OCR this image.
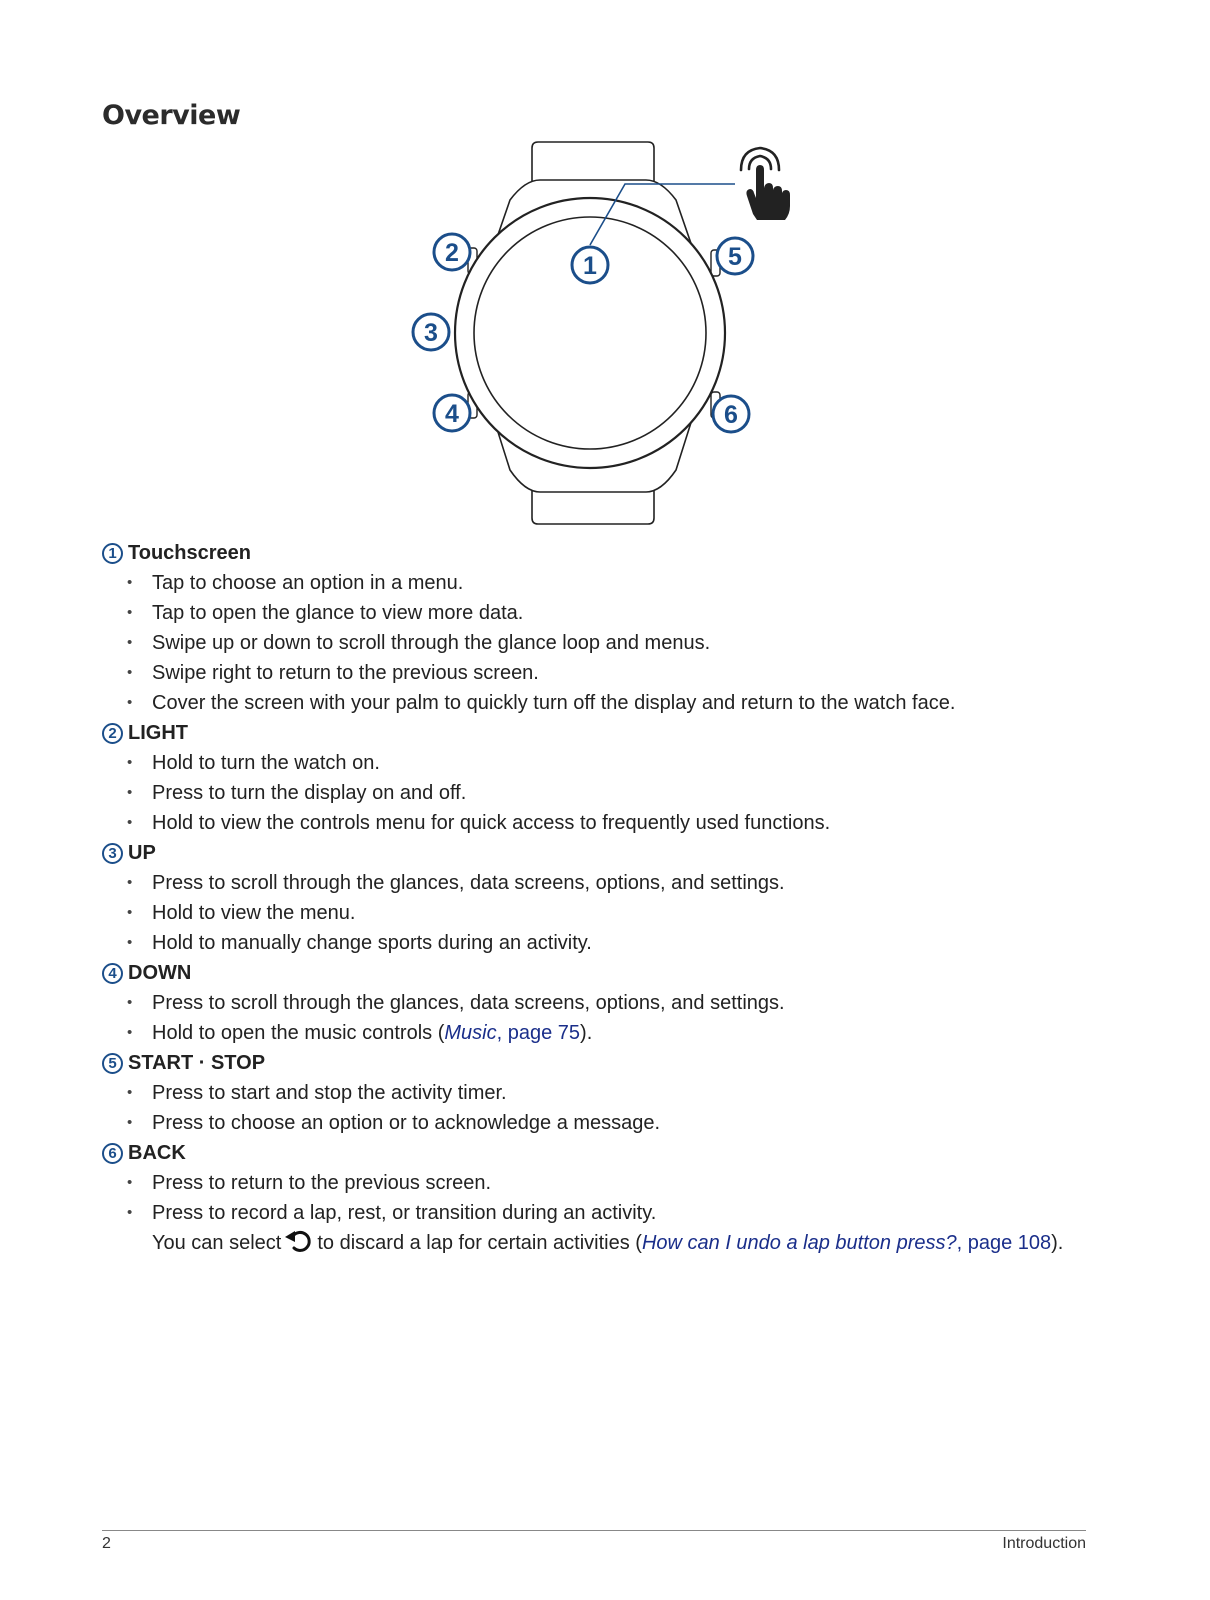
Overview
1
2
3
4
5
6
1 Touchscreen
• Tap to choose an option in a menu.
• Tap to open the glance to view more data.
• Swipe up or down to scroll through the glance loop and menus.
• Swipe right to return to the previous screen.
• Cover the screen with your palm to quickly turn off the display and return to the watch face.
2 LIGHT
• Hold to turn the watch on.
• Press to turn the display on and off.
• Hold to view the controls menu for quick access to frequently used functions.
3 UP
• Press to scroll through the glances, data screens, options, and settings.
• Hold to view the menu.
• Hold to manually change sports during an activity.
4 DOWN
• Press to scroll through the glances, data screens, options, and settings.
• Hold to open the music controls (Music, page 75).
5 START · STOP
• Press to start and stop the activity timer.
• Press to choose an option or to acknowledge a message.
6 BACK
• Press to return to the previous screen.
• Press to record a lap, rest, or transition during an activity.
You can select to discard a lap for certain activities (How can I undo a lap button press?, page 108).
2	Introduction
